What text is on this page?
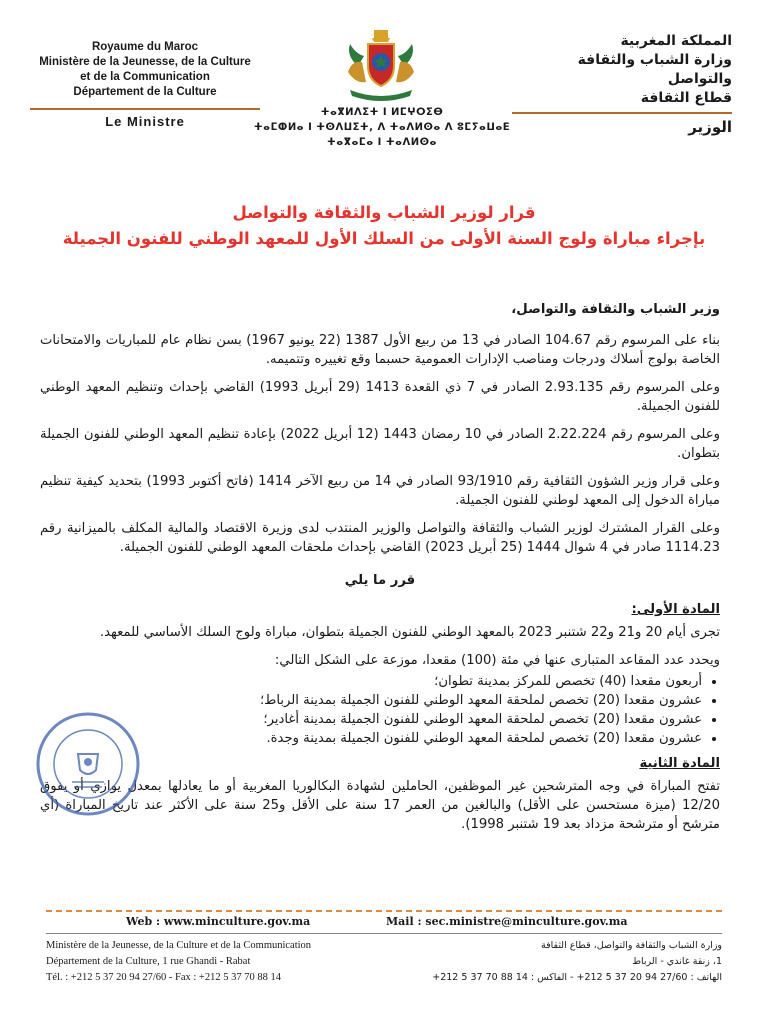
Royaume du Maroc
Ministère de la Jeunesse, de la Culture
et de la Communication
Département de la Culture
Le Ministre
ⵜⴰⴳⵍⴷⵉⵜ ⵏ ⵍⵎⵖⵔⵉⴱ
ⵜⴰⵎⵀⵍⴰ ⵏ ⵜⵙⴷⵡⵉⵜ, ⴷ ⵜⴰⴷⵍⵙⴰ ⴷ ⵓⵎⵢⴰⵡⴰⴹ
ⵜⴰⴳⴰⵎⴰ ⵏ ⵜⴰⴷⵍⵙⴰ
المملكة المغربية
وزارة الشباب والثقافة
والتواصل
قطاع الثقافة
الوزير
قرار لوزير الشباب والثقافة والتواصل
بإجراء مباراة ولوج السنة الأولى من السلك الأول للمعهد الوطني للفنون الجميلة

وزير الشباب والثقافة والتواصل،

بناء على المرسوم رقم 104.67 الصادر في 13 من ربيع الأول 1387 (22 يونيو 1967) بسن نظام عام للمباريات والامتحانات الخاصة بولوج أسلاك ودرجات ومناصب الإدارات العمومية حسبما وقع تغييره وتتميمه.

وعلى المرسوم رقم 2.93.135 الصادر في 7 ذي القعدة 1413 (29 أبريل 1993) القاضي بإحداث وتنظيم المعهد الوطني للفنون الجميلة.

وعلى المرسوم رقم 2.22.224 الصادر في 10 رمضان 1443 (12 أبريل 2022) بإعادة تنظيم المعهد الوطني للفنون الجميلة بتطوان.

وعلى قرار وزير الشؤون الثقافية رقم 93/1910 الصادر في 14 من ربيع الآخر 1414 (فاتح أكتوبر 1993) بتحديد كيفية تنظيم مباراة الدخول إلى المعهد لوطني للفنون الجميلة.

وعلى القرار المشترك لوزير الشباب والثقافة والتواصل والوزير المنتدب لدى وزيرة الاقتصاد والمالية المكلف بالميزانية رقم 1114.23 صادر في 4 شوال 1444 (25 أبريل 2023) القاضي بإحداث ملحقات المعهد الوطني للفنون الجميلة.

قرر ما يلي

المادة الأولى:

تجرى أيام 20 و21 و22 شتنبر 2023 بالمعهد الوطني للفنون الجميلة بتطوان، مباراة ولوج السلك الأساسي للمعهد.

ويحدد عدد المقاعد المتبارى عنها في مئة (100) مقعدا، موزعة على الشكل التالي:

• أربعون مقعدا (40) تخصص للمركز بمدينة تطوان؛
• عشرون مقعدا (20) تخصص لملحقة المعهد الوطني للفنون الجميلة بمدينة الرباط؛
• عشرون مقعدا (20) تخصص لملحقة المعهد الوطني للفنون الجميلة بمدينة أغادير؛
• عشرون مقعدا (20) تخصص لملحقة المعهد الوطني للفنون الجميلة بمدينة وجدة.

المادة الثانية

تفتح المباراة في وجه المترشحين غير الموظفين، الحاملين لشهادة البكالوريا المغربية أو ما يعادلها بمعدل يوازي أو يفوق 12/20 (ميزة مستحسن على الأقل) والبالغين من العمر 17 سنة على الأقل و25 سنة على الأكثر عند تاريخ المباراة (أي مترشح أو مترشحة مزداد بعد 19 شتنبر 1998).

Web : www.minculture.gov.ma	Mail : sec.ministre@minculture.gov.ma
Ministère de la Jeunesse, de la Culture et de la Communication
Département de la Culture, 1 rue Ghandi - Rabat
Tél. : +212 5 37 20 94 27/60 - Fax : +212 5 37 70 88 14
وزارة الشباب والثقافة والتواصل، قطاع الثقافة
1، زنقة غاندي - الرباط
الهاتف : 27/60 94 20 37 5 212+ - الفاكس : 14 88 70 37 5 212+
